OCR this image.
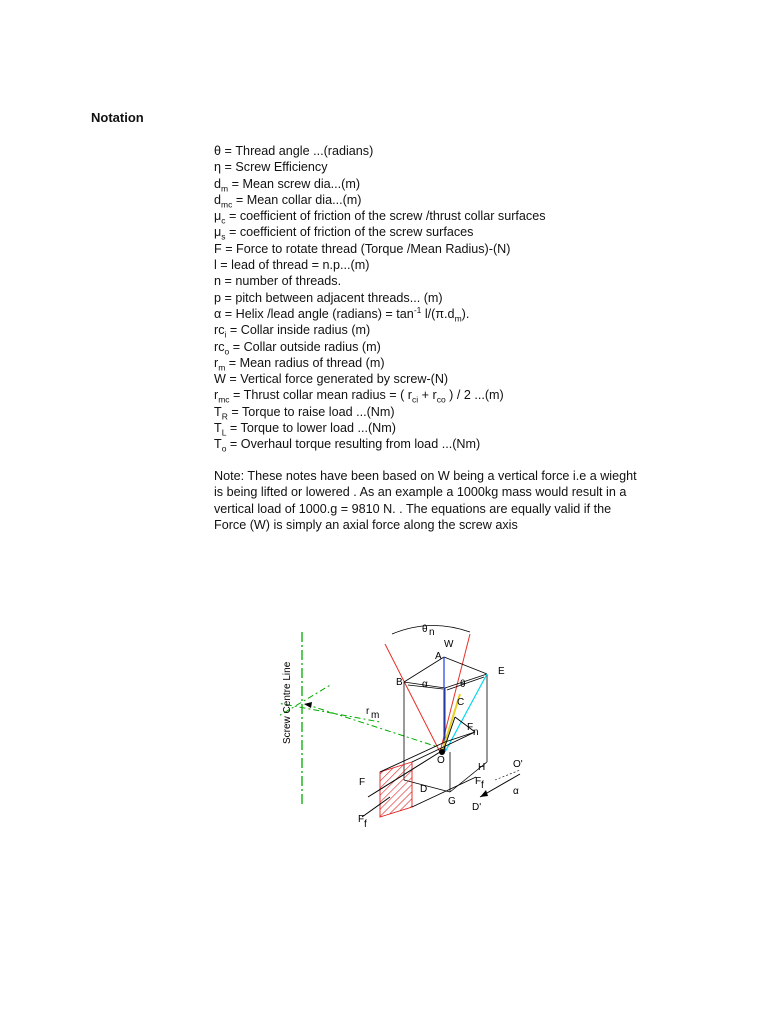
Notation
θ = Thread angle ...(radians)
η = Screw Efficiency
$d_m$ = Mean screw dia...(m)
$d_{mc}$ = Mean collar dia...(m)
$\mu_c$ = coefficient of friction of the screw /thrust collar surfaces
$\mu_s$ = coefficient of friction of the screw surfaces
F = Force to rotate thread (Torque /Mean Radius)-(N)
l = lead of thread = n.p...(m)
n = number of threads.
p = pitch between adjacent threads... (m)
α = Helix /lead angle (radians) = $\tan^{-1} l/(\pi.d_m)$.
$rc_i$ = Collar inside radius (m)
$rc_o$ = Collar outside radius (m)
$r_m$ = Mean radius of thread (m)
W = Vertical force generated by screw-(N)
$r_{mc}$ = Thrust collar mean radius = ( $r_{ci} + r_{co}$ ) / 2 ...(m)
$T_R$ = Torque to raise load ...(Nm)
$T_L$ = Torque to lower load ...(Nm)
$T_o$ = Overhaul torque resulting from load ...(Nm)
Note: These notes have been based on W being a vertical force i.e a wieght
is being lifted or lowered . As an example a 1000kg mass would result in a
vertical load of 1000.g = 9810 N. . The equations are equally valid if the
Force (W) is simply an axial force along the screw axis
Screw Centre Line
θ n
W
A
E
B α	θ
C
r m
F n
O	O'
F
H
F f
α
D
G
D'
F f
